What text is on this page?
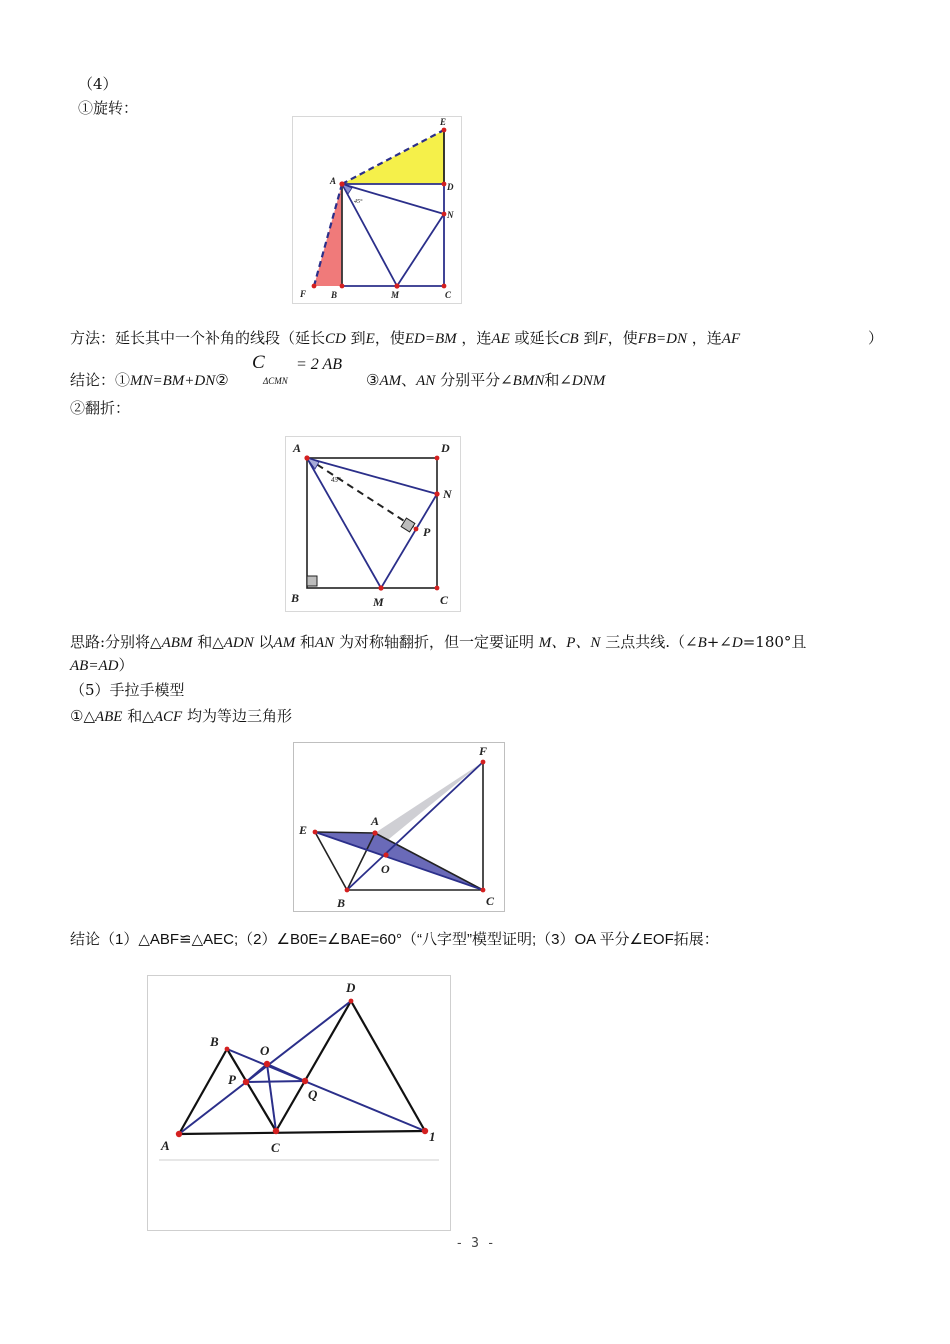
（4）
①旋转：
E
A
D
N
F	B	M	C
45°
方法：延长其中一个补角的线段（延长CD 到E，使ED=BM ，连AE 或延长CB 到F，使FB=DN ，连AF	）
结论：①MN=BM+DN②
C
ΔCMN
= 2 AB
③AM、AN 分别平分∠BMN和∠DNM
②翻折：
A	D
N
P
B	M	C
45°
思路:分别将△ABM 和△ADN 以AM 和AN 为对称轴翻折，但一定要证明 M、P、N 三点共线.（∠B+∠D=180°且
AB=AD）
（5）手拉手模型
①△ABE 和△ACF 均为等边三角形
F
E
A
O
B	C
结论（1）△ABF≌△AEC;（2）∠B0E=∠BAE=60°（“八字型”模型证明;（3）OA 平分∠EOF拓展：
D
B
O
P
Q
A	C
1
- 3 -
